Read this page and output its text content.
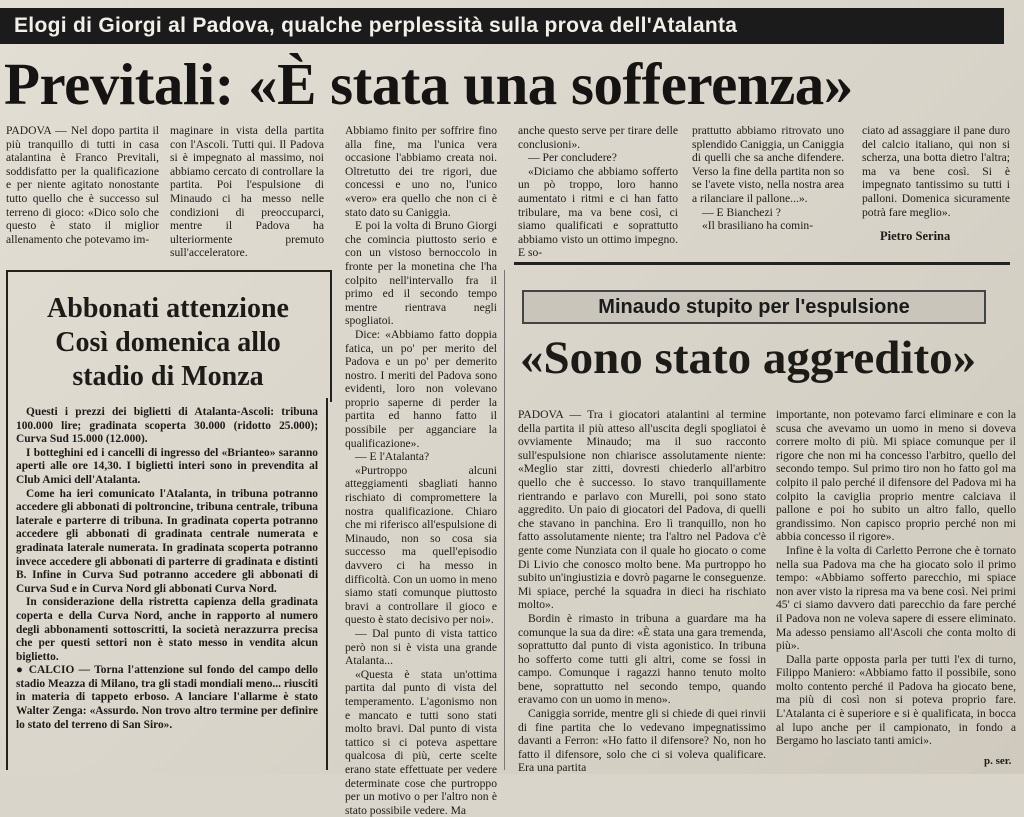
Elogi di Giorgi al Padova, qualche perplessità sulla prova dell'Atalanta
Previtali: «È stata una sofferenza»

PADOVA — Nel dopo partita il più tranquillo di tutti in casa atalantina è Franco Previtali, soddisfatto per la qualificazione e per niente agitato nonostante tutto quello che è successo sul terreno di gioco: «Dico solo che questo è stato il miglior allenamento che potevamo im-

maginare in vista della partita con l'Ascoli. Tutti qui. Il Padova si è impegnato al massimo, noi abbiamo cercato di controllare la partita. Poi l'espulsione di Minaudo ci ha messo nelle condizioni di preoccuparci, mentre il Padova ha ulteriormente premuto sull'acceleratore.

Abbiamo finito per soffrire fino alla fine, ma l'unica vera occasione l'abbiamo creata noi. Oltretutto dei tre rigori, due concessi e uno no, l'unico «vero» era quello che non ci è stato dato su Caniggia.

E poi la volta di Bruno Giorgi che comincia piuttosto serio e con un vistoso bernoccolo in fronte per la monetina che l'ha colpito nell'intervallo fra il primo ed il secondo tempo mentre rientrava negli spogliatoi.

Dice: «Abbiamo fatto doppia fatica, un po' per merito del Padova e un po' per demerito nostro. I meriti del Padova sono evidenti, loro non volevano proprio saperne di perder la partita ed hanno fatto il possibile per agganciare la qualificazione».

— E l'Atalanta?

«Purtroppo alcuni atteggiamenti sbagliati hanno rischiato di compromettere la nostra qualificazione. Chiaro che mi riferisco all'espulsione di Minaudo, non so cosa sia successo ma quell'episodio davvero ci ha messo in difficoltà. Con un uomo in meno siamo stati comunque piuttosto bravi a controllare il gioco e questo è stato decisivo per noi».

— Dal punto di vista tattico però non si è vista una grande Atalanta...

«Questa è stata un'ottima partita dal punto di vista del temperamento. L'agonismo non e mancato e tutti sono stati molto bravi. Dal punto di vista tattico si ci poteva aspettare qualcosa di più, certe scelte erano state effettuate per vedere determinate cose che purtroppo per un motivo o per l'altro non è stato possibile vedere. Ma

anche questo serve per tirare delle conclusioni».

— Per concludere?

«Diciamo che abbiamo sofferto un pò troppo, loro hanno aumentato i ritmi e ci han fatto tribulare, ma va bene così, ci siamo qualificati e soprattutto abbiamo visto un ottimo impegno. E so-

prattutto abbiamo ritrovato uno splendido Caniggia, un Caniggia di quelli che sa anche difendere. Verso la fine della partita non so se l'avete visto, nella nostra area a rilanciare il pallone...».

— E Bianchezi ?

«Il brasiliano ha comin-

ciato ad assaggiare il pane duro del calcio italiano, qui non si scherza, una botta dietro l'altra; ma va bene così. Si è impegnato tantissimo su tutti i palloni. Domenica sicuramente potrà fare meglio».

Pietro Serina
Abbonati attenzione Così domenica allo stadio di Monza

Questi i prezzi dei biglietti di Atalanta-Ascoli: tribuna 100.000 lire; gradinata scoperta 30.000 (ridotto 25.000); Curva Sud 15.000 (12.000).

I botteghini ed i cancelli di ingresso del «Brianteo» saranno aperti alle ore 14,30. I biglietti interi sono in prevendita al Club Amici dell'Atalanta.

Come ha ieri comunicato l'Atalanta, in tribuna potranno accedere gli abbonati di poltroncine, tribuna centrale, tribuna laterale e parterre di tribuna. In gradinata coperta potranno accedere gli abbonati di gradinata centrale numerata e gradinata laterale numerata. In gradinata scoperta potranno invece accedere gli abbonati di parterre di gradinata e distinti B. Infine in Curva Sud potranno accedere gli abbonati di Curva Sud e in Curva Nord gli abbonati Curva Nord.

In considerazione della ristretta capienza della gradinata coperta e della Curva Nord, anche in rapporto al numero degli abbonamenti sottoscritti, la società nerazzurra precisa che per questi settori non è stato messo in vendita alcun biglietto.

● CALCIO — Torna l'attenzione sul fondo del campo dello stadio Meazza di Milano, tra gli stadi mondiali meno... riusciti in materia di tappeto erboso. A lanciare l'allarme è stato Walter Zenga: «Assurdo. Non trovo altro termine per definire lo stato del terreno di San Siro».

Minaudo stupito per l'espulsione
«Sono stato aggredito»

PADOVA — Tra i giocatori atalantini al termine della partita il più atteso all'uscita degli spogliatoi è ovviamente Minaudo; ma il suo racconto sull'espulsione non chiarisce assolutamente niente: «Meglio star zitti, dovresti chiederlo all'arbitro quello che è successo. Io stavo tranquillamente rientrando e parlavo con Murelli, poi sono stato aggredito. Un paio di giocatori del Padova, di quelli che stavano in panchina. Ero lì tranquillo, non ho fatto assolutamente niente; tra l'altro nel Padova c'è gente come Nunziata con il quale ho giocato o come Di Livio che conosco molto bene. Ma purtroppo ho subito un'ingiustizia e dovrò pagarne le conseguenze. Mi spiace, perché la squadra in dieci ha rischiato molto».

Bordin è rimasto in tribuna a guardare ma ha comunque la sua da dire: «È stata una gara tremenda, soprattutto dal punto di vista agonistico. In tribuna ho sofferto come tutti gli altri, come se fossi in campo. Comunque i ragazzi hanno tenuto molto bene, soprattutto nel secondo tempo, quando eravamo con un uomo in meno».

Caniggia sorride, mentre gli si chiede di quei rinvii di fine partita che lo vedevano impegnatissimo davanti a Ferron: «Ho fatto il difensore? No, non ho fatto il difensore, solo che ci si voleva qualificare. Era una partita

importante, non potevamo farci eliminare e con la scusa che avevamo un uomo in meno si doveva correre molto di più. Mi spiace comunque per il rigore che non mi ha concesso l'arbitro, quello del secondo tempo. Sul primo tiro non ho fatto gol ma colpito il palo perché il difensore del Padova mi ha colpito la caviglia proprio mentre calciava il pallone e poi ho subito un altro fallo, quello grandissimo. Non capisco proprio perché non mi abbia concesso il rigore».

Infine è la volta di Carletto Perrone che è tornato nella sua Padova ma che ha giocato solo il primo tempo: «Abbiamo sofferto parecchio, mi spiace non aver visto la ripresa ma va bene così. Nei primi 45' ci siamo davvero dati parecchio da fare perché il Padova non ne voleva sapere di essere eliminato. Ma adesso pensiamo all'Ascoli che conta molto di più».

Dalla parte opposta parla per tutti l'ex di turno, Filippo Maniero: «Abbiamo fatto il possibile, sono molto contento perché il Padova ha giocato bene, ma più di così non si poteva proprio fare. L'Atalanta ci è superiore e si è qualificata, in bocca al lupo anche per il campionato, in fondo a Bergamo ho lasciato tanti amici».

p. ser.
